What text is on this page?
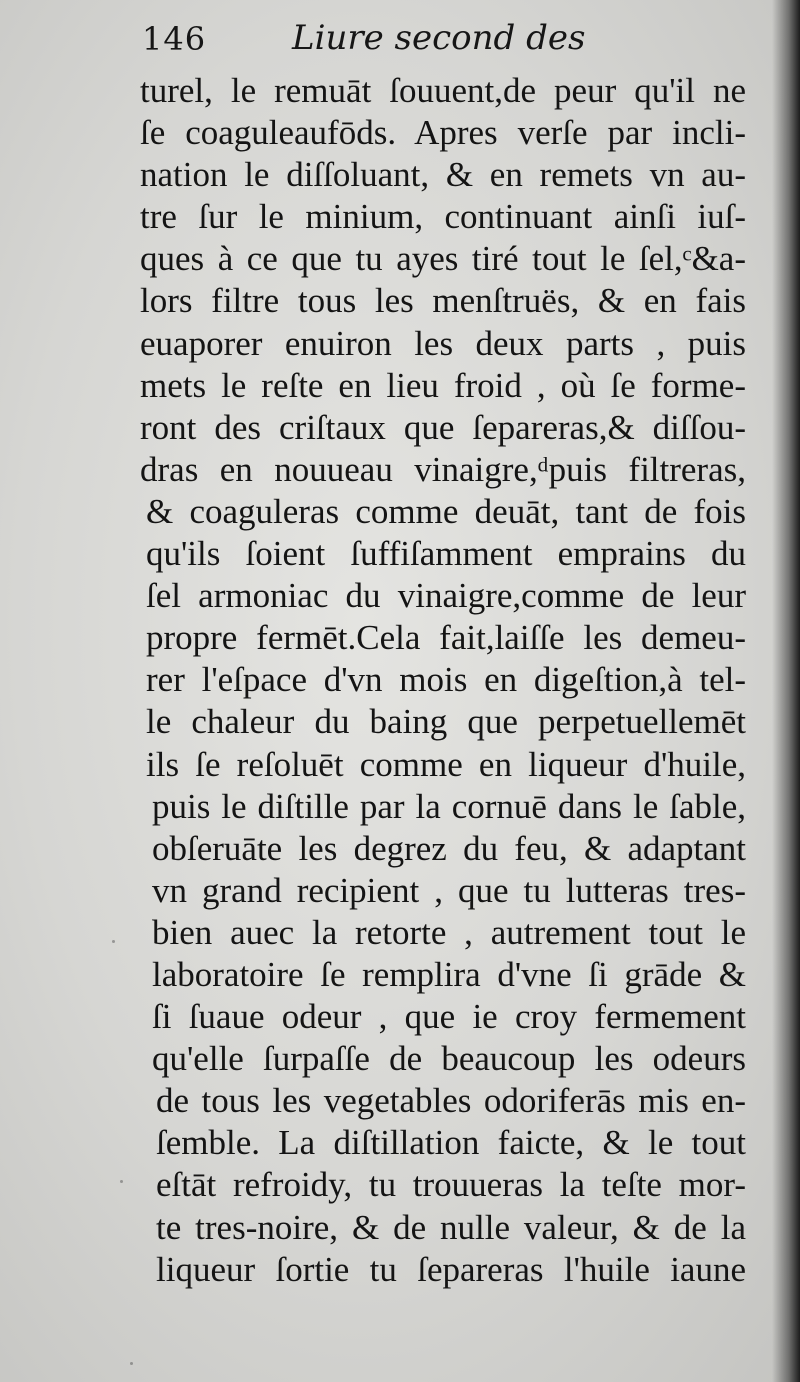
146	Liure second des
turel, le remuāt ſouuent,de peur qu'il ne
ſe coaguleaufōds. Apres verſe par incli-
nation le diſſoluant, & en remets vn au-
tre ſur le minium, continuant ainſi iuſ-
ques à ce que tu ayes tiré tout le ſel,ᶜ&a-
lors filtre tous les menſtruës, & en fais
euaporer enuiron les deux parts , puis
mets le reſte en lieu froid , où ſe forme-
ront des criſtaux que ſepareras,& diſſou-
dras en nouueau vinaigre,ᵈpuis filtreras,
& coaguleras comme deuāt, tant de fois
qu'ils ſoient ſuffiſamment emprains du
ſel armoniac du vinaigre,comme de leur
propre fermēt.Cela fait,laiſſe les demeu-
rer l'eſpace d'vn mois en digeſtion,à tel-
le chaleur du baing que perpetuellemēt
ils ſe reſoluēt comme en liqueur d'huile,
puis le diſtille par la cornuē dans le ſable,
obſeruāte les degrez du feu, & adaptant
vn grand recipient , que tu lutteras tres-
bien auec la retorte , autrement tout le
laboratoire ſe remplira d'vne ſi grāde &
ſi ſuaue odeur , que ie croy fermement
qu'elle ſurpaſſe de beaucoup les odeurs
de tous les vegetables odoriferās mis en-
ſemble. La diſtillation faicte, & le tout
eſtāt refroidy, tu trouueras la teſte mor-
te tres-noire, & de nulle valeur, & de la
liqueur ſortie tu ſepareras l'huile iaune
